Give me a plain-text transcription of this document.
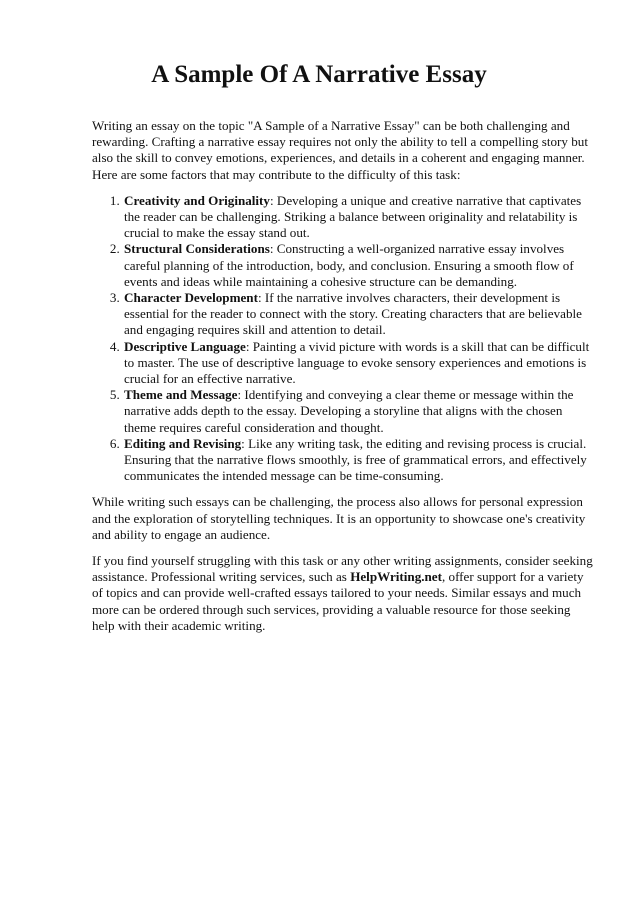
A Sample Of A Narrative Essay

Writing an essay on the topic "A Sample of a Narrative Essay" can be both challenging and rewarding. Crafting a narrative essay requires not only the ability to tell a compelling story but also the skill to convey emotions, experiences, and details in a coherent and engaging manner. Here are some factors that may contribute to the difficulty of this task:

1. Creativity and Originality: Developing a unique and creative narrative that captivates the reader can be challenging. Striking a balance between originality and relatability is crucial to make the essay stand out.
2. Structural Considerations: Constructing a well-organized narrative essay involves careful planning of the introduction, body, and conclusion. Ensuring a smooth flow of events and ideas while maintaining a cohesive structure can be demanding.
3. Character Development: If the narrative involves characters, their development is essential for the reader to connect with the story. Creating characters that are believable and engaging requires skill and attention to detail.
4. Descriptive Language: Painting a vivid picture with words is a skill that can be difficult to master. The use of descriptive language to evoke sensory experiences and emotions is crucial for an effective narrative.
5. Theme and Message: Identifying and conveying a clear theme or message within the narrative adds depth to the essay. Developing a storyline that aligns with the chosen theme requires careful consideration and thought.
6. Editing and Revising: Like any writing task, the editing and revising process is crucial. Ensuring that the narrative flows smoothly, is free of grammatical errors, and effectively communicates the intended message can be time-consuming.

While writing such essays can be challenging, the process also allows for personal expression and the exploration of storytelling techniques. It is an opportunity to showcase one's creativity and ability to engage an audience.

If you find yourself struggling with this task or any other writing assignments, consider seeking assistance. Professional writing services, such as HelpWriting.net, offer support for a variety of topics and can provide well-crafted essays tailored to your needs. Similar essays and much more can be ordered through such services, providing a valuable resource for those seeking help with their academic writing.
